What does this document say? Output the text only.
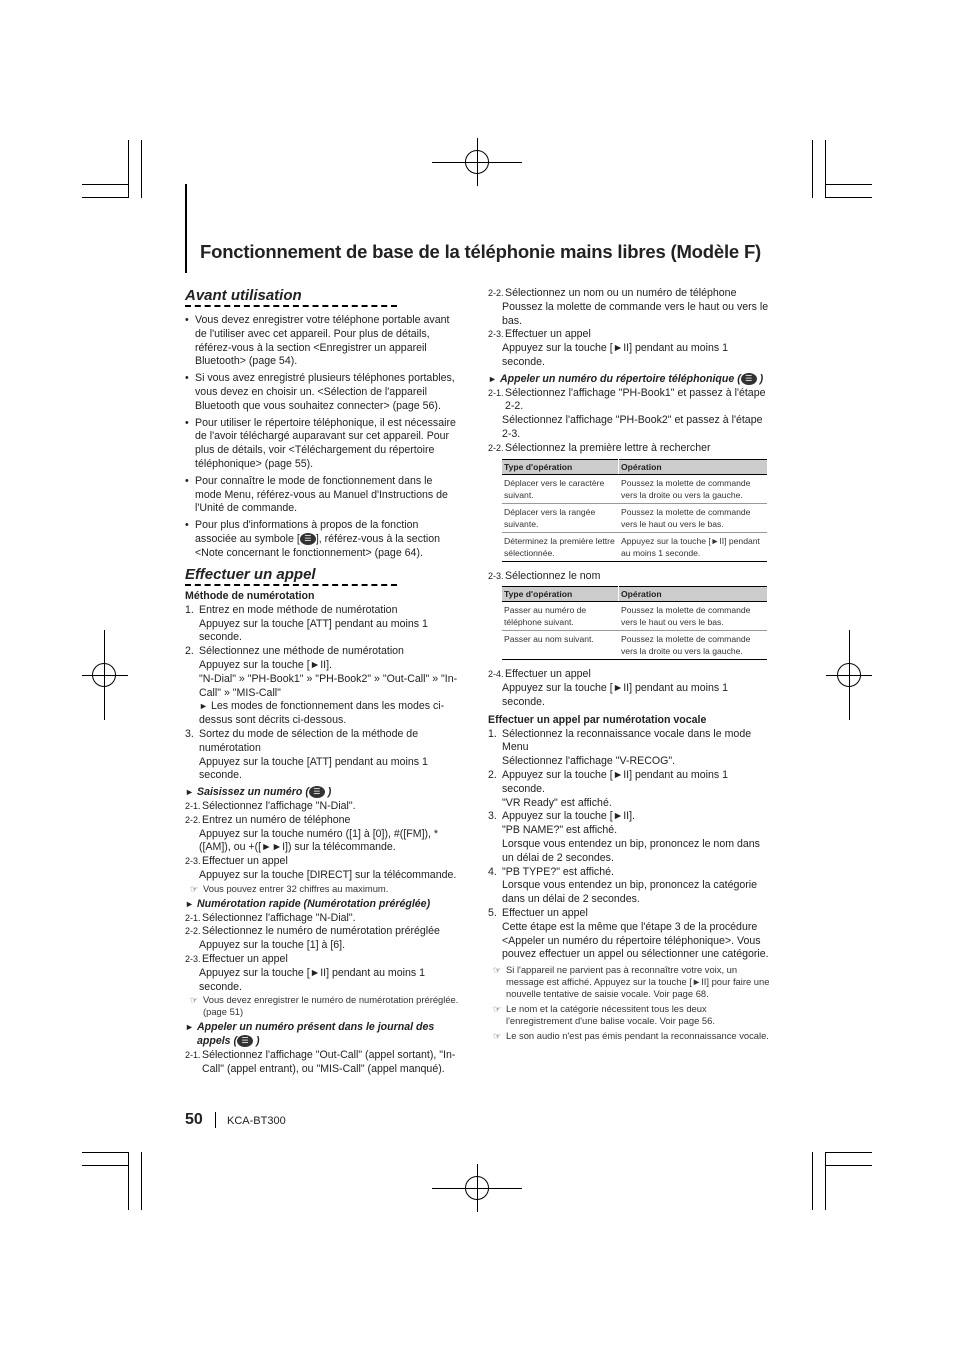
Fonctionnement de base de la téléphonie mains libres (Modèle F)
Avant utilisation

• Vous devez enregistrer votre téléphone portable avant de l'utiliser avec cet appareil. Pour plus de détails, référez-vous à la section <Enregistrer un appareil Bluetooth> (page 54).

• Si vous avez enregistré plusieurs téléphones portables, vous devez en choisir un. <Sélection de l'appareil Bluetooth que vous souhaitez connecter> (page 56).

• Pour utiliser le répertoire téléphonique, il est nécessaire de l'avoir téléchargé auparavant sur cet appareil. Pour plus de détails, voir <Téléchargement du répertoire téléphonique> (page 55).

• Pour connaître le mode de fonctionnement dans le mode Menu, référez-vous au Manuel d'Instructions de l'Unité de commande.

• Pour plus d'informations à propos de la fonction associée au symbole [ ☰ ], référez-vous à la section <Note concernant le fonctionnement> (page 64).

Effectuer un appel

Méthode de numérotation

1. Entrez en mode méthode de numérotation

Appuyez sur la touche [ATT] pendant au moins 1 seconde.

2. Sélectionnez une méthode de numérotation

Appuyez sur la touche [►II].

"N-Dial" » "PH-Book1" » "PH-Book2" » "Out-Call" » "In-Call" » "MIS-Call"

► Les modes de fonctionnement dans les modes ci-dessus sont décrits ci-dessous.

3. Sortez du mode de sélection de la méthode de numérotation

Appuyez sur la touche [ATT] pendant au moins 1 seconde.

► Saisissez un numéro ( ☰ )

2-1. Sélectionnez l'affichage "N-Dial".

2-2. Entrez un numéro de téléphone

Appuyez sur la touche numéro ([1] à [0]), #([FM]), *([AM]), ou +([►►I]) sur la télécommande.

2-3. Effectuer un appel

Appuyez sur la touche [DIRECT] sur la télécommande.

☞ Vous pouvez entrer 32 chiffres au maximum.

► Numérotation rapide (Numérotation préréglée)

2-1. Sélectionnez l'affichage "N-Dial".

2-2. Sélectionnez le numéro de numérotation préréglée

Appuyez sur la touche [1] à [6].

2-3. Effectuer un appel

Appuyez sur la touche [►II] pendant au moins 1 seconde.

☞ Vous devez enregistrer le numéro de numérotation préréglée. (page 51)

► Appeler un numéro présent dans le journal des appels ( ☰ )

2-1. Sélectionnez l'affichage "Out-Call" (appel sortant), "In-Call" (appel entrant), ou "MIS-Call" (appel manqué).

2-2. Sélectionnez un nom ou un numéro de téléphone

Poussez la molette de commande vers le haut ou vers le bas.

2-3. Effectuer un appel

Appuyez sur la touche [►II] pendant au moins 1 seconde.

► Appeler un numéro du répertoire téléphonique ( ☰ )

2-1. Sélectionnez l'affichage "PH-Book1" et passez à l'étape 2-2.

Sélectionnez l'affichage "PH-Book2" et passez à l'étape 2-3.

2-2. Sélectionnez la première lettre à rechercher

Type d'opération	Opération
Déplacer vers le caractère suivant.	Poussez la molette de commande vers la droite ou vers la gauche.
Déplacer vers la rangée suivante.	Poussez la molette de commande vers le haut ou vers le bas.
Déterminez la première lettre sélectionnée.	Appuyez sur la touche [►II] pendant au moins 1 seconde.

2-3. Sélectionnez le nom

Type d'opération	Opération
Passer au numéro de téléphone suivant.	Poussez la molette de commande vers le haut ou vers le bas.
Passer au nom suivant.	Poussez la molette de commande vers la droite ou vers la gauche.

2-4. Effectuer un appel

Appuyez sur la touche [►II] pendant au moins 1 seconde.

Effectuer un appel par numérotation vocale

1. Sélectionnez la reconnaissance vocale dans le mode Menu

Sélectionnez l'affichage "V-RECOG".

2. Appuyez sur la touche [►II] pendant au moins 1 seconde.

"VR Ready" est affiché.

3. Appuyez sur la touche [►II].

"PB NAME?" est affiché.

Lorsque vous entendez un bip, prononcez le nom dans un délai de 2 secondes.

4. "PB TYPE?" est affiché.

Lorsque vous entendez un bip, prononcez la catégorie dans un délai de 2 secondes.

5. Effectuer un appel

Cette étape est la même que l'étape 3 de la procédure <Appeler un numéro du répertoire téléphonique>. Vous pouvez effectuer un appel ou sélectionner une catégorie.

☞ Si l'appareil ne parvient pas à reconnaître votre voix, un message est affiché. Appuyez sur la touche [►II] pour faire une nouvelle tentative de saisie vocale. Voir page 68.

☞ Le nom et la catégorie nécessitent tous les deux l'enregistrement d'une balise vocale. Voir page 56.

☞ Le son audio n'est pas émis pendant la reconnaissance vocale.

50 KCA-BT300
